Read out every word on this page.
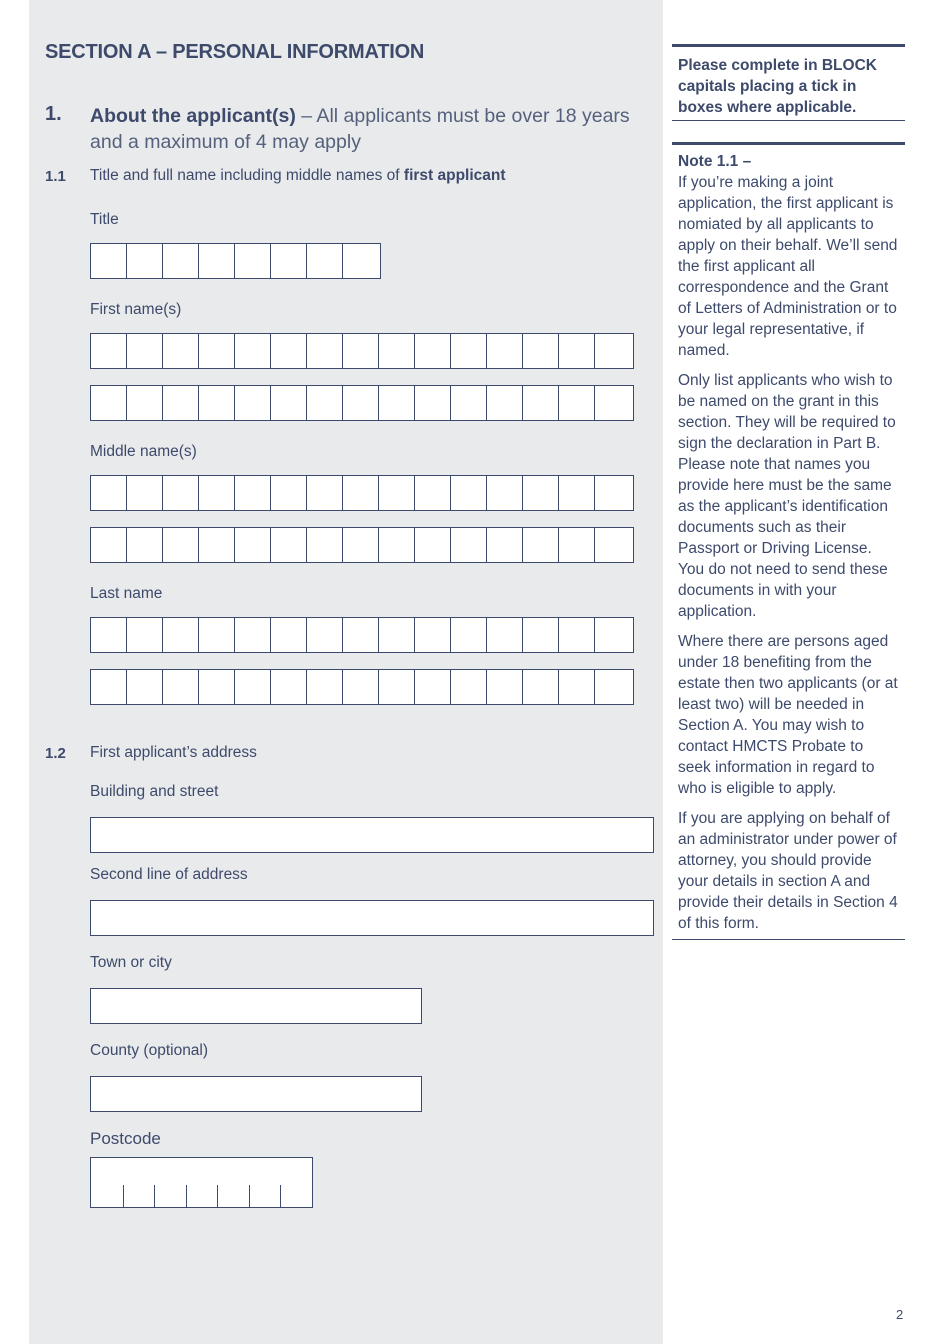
SECTION A – PERSONAL INFORMATION
1. About the applicant(s) – All applicants must be over 18 years and a maximum of 4 may apply
1.1 Title and full name including middle names of first applicant
Title
First name(s)
Middle name(s)
Last name
1.2 First applicant’s address
Building and street
Second line of address
Town or city
County (optional)
Postcode
Please complete in BLOCK capitals placing a tick in boxes where applicable.
Note 1.1 –

If you’re making a joint application, the first applicant is nomiated by all applicants to apply on their behalf. We’ll send the first applicant all correspondence and the Grant of Letters of Administration or to your legal representative, if named.

Only list applicants who wish to be named on the grant in this section. They will be required to sign the declaration in Part B. Please note that names you provide here must be the same as the applicant’s identification documents such as their Passport or Driving License. You do not need to send these documents in with your application.

Where there are persons aged under 18 benefiting from the estate then two applicants (or at least two) will be needed in Section A. You may wish to contact HMCTS Probate to seek information in regard to who is eligible to apply.

If you are applying on behalf of an administrator under power of attorney, you should provide your details in section A and provide their details in Section 4 of this form.

2
